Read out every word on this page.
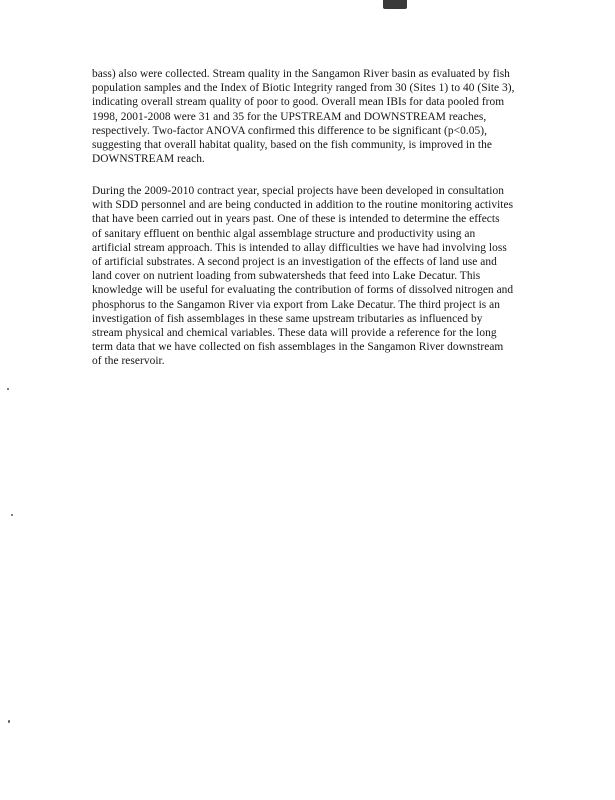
bass) also were collected. Stream quality in the Sangamon River basin as evaluated by fish
population samples and the Index of Biotic Integrity ranged from 30 (Sites 1) to 40 (Site 3),
indicating overall stream quality of poor to good. Overall mean IBIs for data pooled from
1998, 2001-2008 were 31 and 35 for the UPSTREAM and DOWNSTREAM reaches,
respectively. Two-factor ANOVA confirmed this difference to be significant (p<0.05),
suggesting that overall habitat quality, based on the fish community, is improved in the
DOWNSTREAM reach.
During the 2009-2010 contract year, special projects have been developed in consultation
with SDD personnel and are being conducted in addition to the routine monitoring activites
that have been carried out in years past. One of these is intended to determine the effects
of sanitary effluent on benthic algal assemblage structure and productivity using an
artificial stream approach. This is intended to allay difficulties we have had involving loss
of artificial substrates. A second project is an investigation of the effects of land use and
land cover on nutrient loading from subwatersheds that feed into Lake Decatur. This
knowledge will be useful for evaluating the contribution of forms of dissolved nitrogen and
phosphorus to the Sangamon River via export from Lake Decatur. The third project is an
investigation of fish assemblages in these same upstream tributaries as influenced by
stream physical and chemical variables. These data will provide a reference for the long
term data that we have collected on fish assemblages in the Sangamon River downstream
of the reservoir.
